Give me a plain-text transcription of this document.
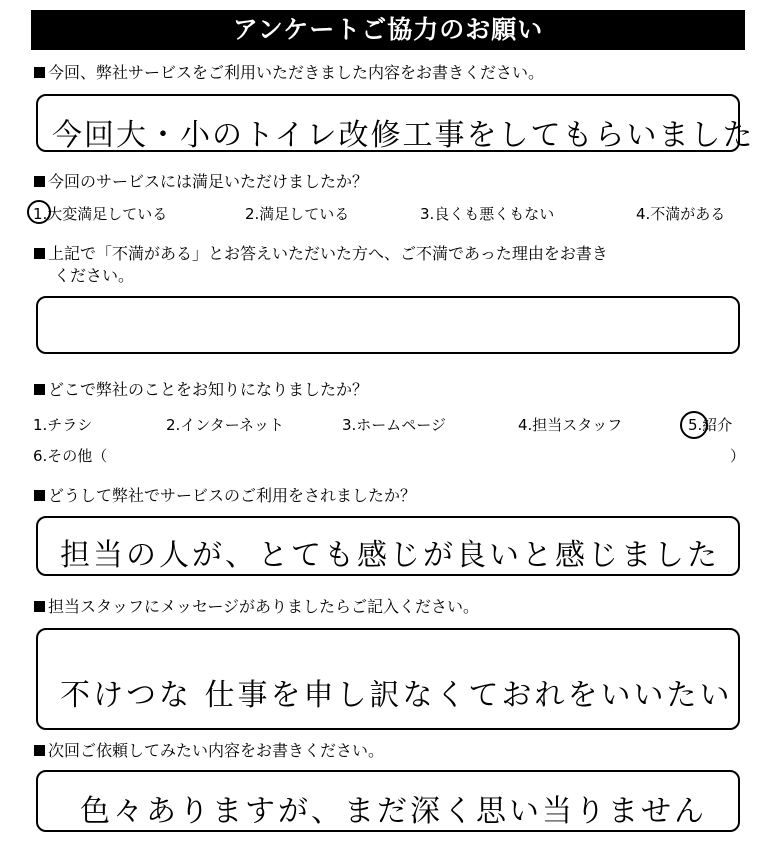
アンケートご協力のお願い
今回、弊社サービスをご利用いただきました内容をお書きください。
今回大・小のトイレ改修工事をしてもらいました
今回のサービスには満足いただけましたか？
1.大変満足している	2.満足している	3.良くも悪くもない	4.不満がある
上記で「不満がある」とお答えいただいた方へ、ご不満であった理由をお書き
ください。
どこで弊社のことをお知りになりましたか？
1.チラシ	2.インターネット	3.ホームページ	4.担当スタッフ	5.紹介
6.その他（	）
どうして弊社でサービスのご利用をされましたか？
担当の人が、とても感じが良いと感じました
担当スタッフにメッセージがありましたらご記入ください。
不けつな 仕事を申し訳なくておれをいいたい
次回ご依頼してみたい内容をお書きください。
色々ありますが、まだ深く思い当りません
